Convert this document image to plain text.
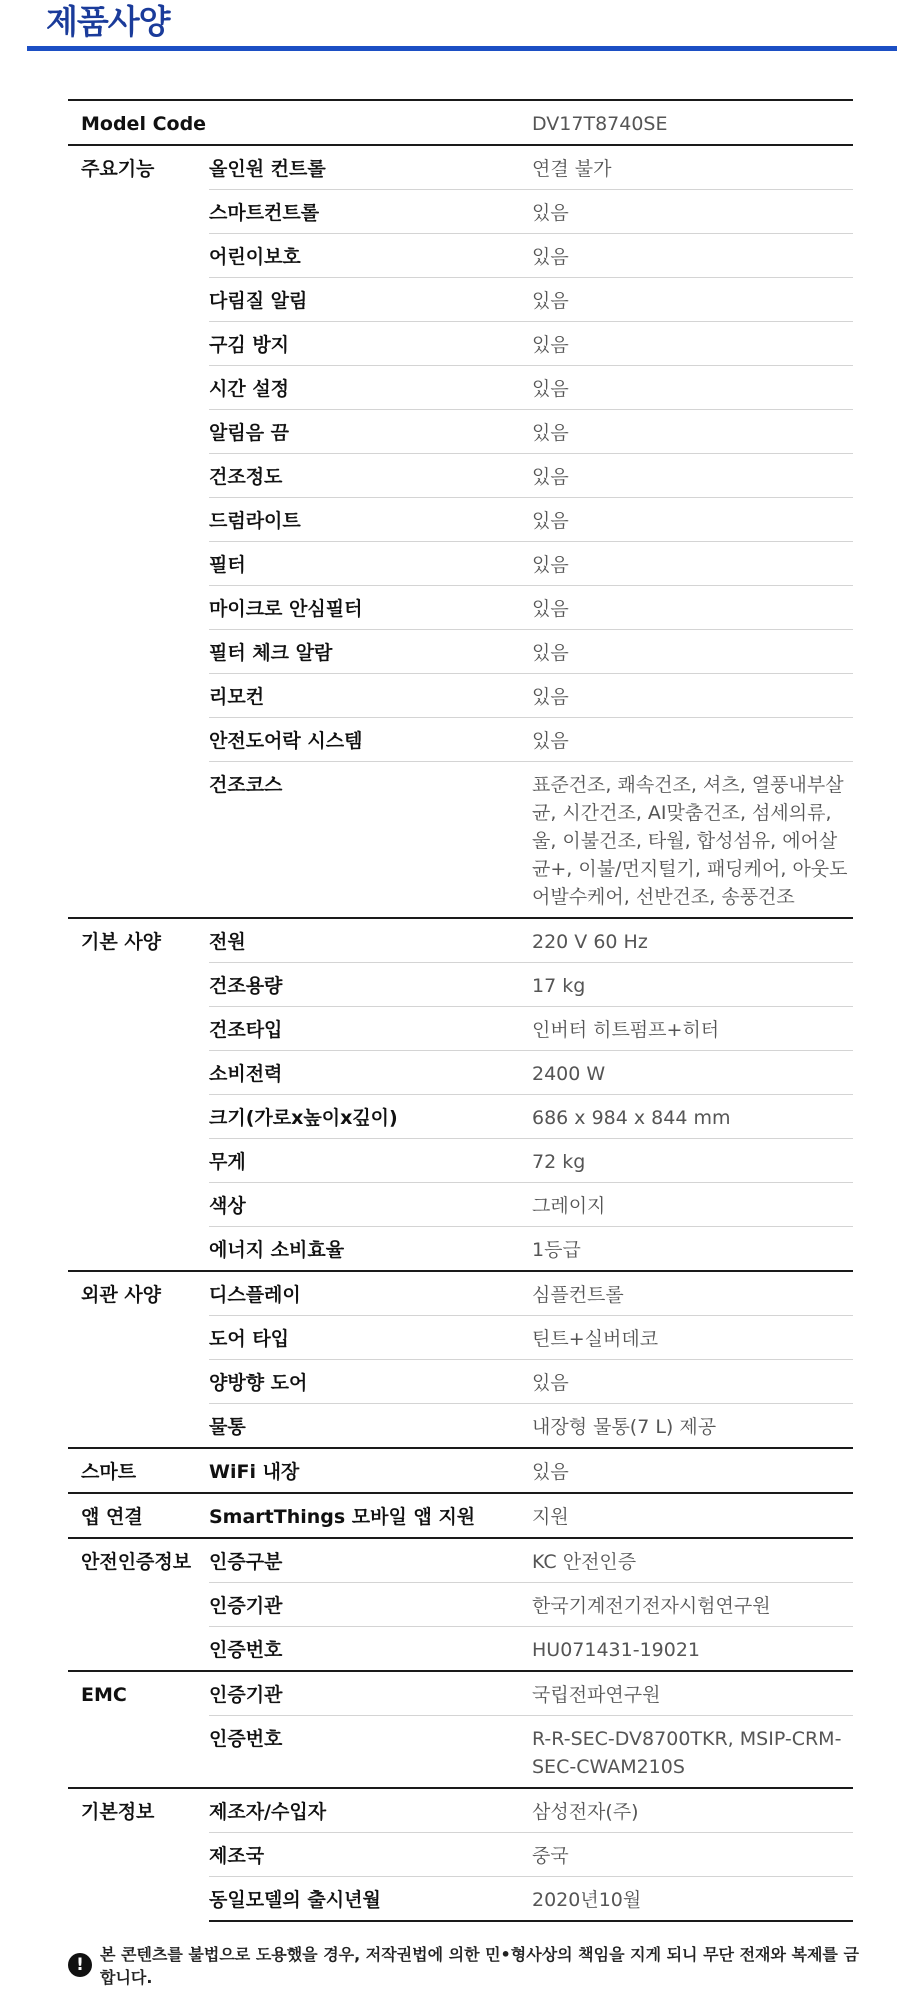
제품사양
Model Code		DV17T8740SE
주요기능	올인원 컨트롤	연결 불가
	스마트컨트롤	있음
	어린이보호	있음
	다림질 알림	있음
	구김 방지	있음
	시간 설정	있음
	알림음 끔	있음
	건조정도	있음
	드럼라이트	있음
	필터	있음
	마이크로 안심필터	있음
	필터 체크 알람	있음
	리모컨	있음
	안전도어락 시스템	있음
	건조코스	표준건조, 쾌속건조, 셔츠, 열풍내부살균, 시간건조, AI맞춤건조, 섬세의류, 울, 이불건조, 타월, 합성섬유, 에어살균+, 이불/먼지털기, 패딩케어, 아웃도어발수케어, 선반건조, 송풍건조
기본 사양	전원	220 V 60 Hz
	건조용량	17 kg
	건조타입	인버터 히트펌프+히터
	소비전력	2400 W
	크기(가로x높이x깊이)	686 x 984 x 844 mm
	무게	72 kg
	색상	그레이지
	에너지 소비효율	1등급
외관 사양	디스플레이	심플컨트롤
	도어 타입	틴트+실버데코
	양방향 도어	있음
	물통	내장형 물통(7 L) 제공
스마트	WiFi 내장	있음
앱 연결	SmartThings 모바일 앱 지원	지원
안전인증정보	인증구분	KC 안전인증
	인증기관	한국기계전기전자시험연구원
	인증번호	HU071431-19021
EMC	인증기관	국립전파연구원
	인증번호	R-R-SEC-DV8700TKR, MSIP-CRM-SEC-CWAM210S
기본정보	제조자/수입자	삼성전자(주)
	제조국	중국
	동일모델의 출시년월	2020년10월
!
본 콘텐츠를 불법으로 도용했을 경우, 저작권법에 의한 민•형사상의 책임을 지게 되니 무단 전재와 복제를 금합니다.
